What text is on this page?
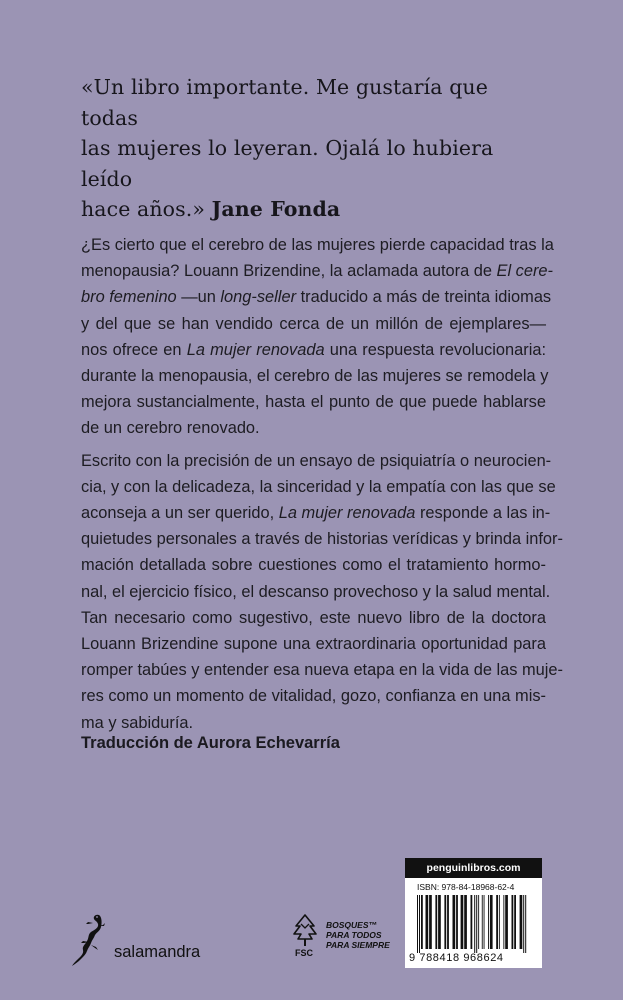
«Un libro importante. Me gustaría que todas
las mujeres lo leyeran. Ojalá lo hubiera leído
hace años.» Jane Fonda

¿Es cierto que el cerebro de las mujeres pierde capacidad tras la
menopausia? Louann Brizendine, la aclamada autora de El cere-
bro femenino —un long-seller traducido a más de treinta idiomas
y del que se han vendido cerca de un millón de ejemplares—
nos ofrece en La mujer renovada una respuesta revolucionaria:
durante la menopausia, el cerebro de las mujeres se remodela y
mejora sustancialmente, hasta el punto de que puede hablarse
de un cerebro renovado.

Escrito con la precisión de un ensayo de psiquiatría o neurocien-
cia, y con la delicadeza, la sinceridad y la empatía con las que se
aconseja a un ser querido, La mujer renovada responde a las in-
quietudes personales a través de historias verídicas y brinda infor-
mación detallada sobre cuestiones como el tratamiento hormo-
nal, el ejercicio físico, el descanso provechoso y la salud mental.
Tan necesario como sugestivo, este nuevo libro de la doctora
Louann Brizendine supone una extraordinaria oportunidad para
romper tabúes y entender esa nueva etapa en la vida de las muje-
res como un momento de vitalidad, gozo, confianza en una mis-
ma y sabiduría.

Traducción de Aurora Echevarría
salamandra	FSC
BOSQUES™
PARA TODOS
PARA SIEMPRE
penguinlibros.com
ISBN: 978-84-18968-62-4
9 788418 968624
